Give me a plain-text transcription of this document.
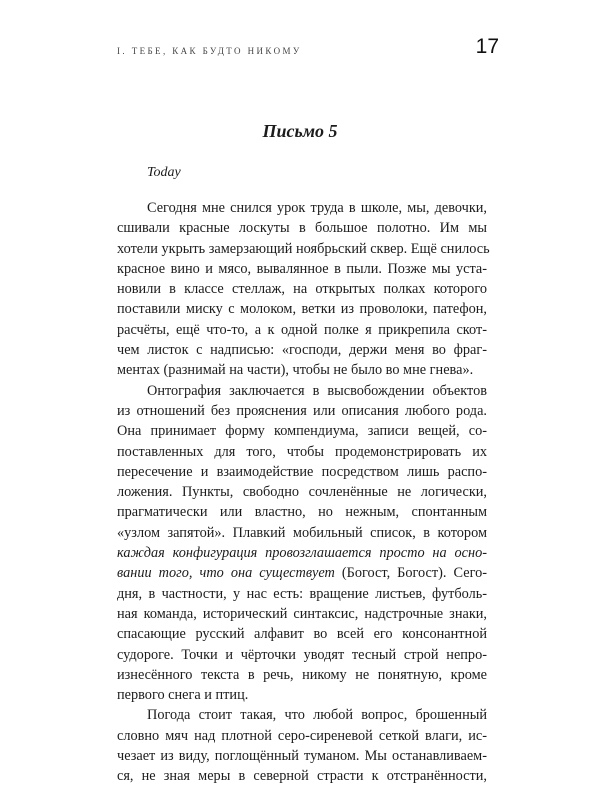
I. ТЕБЕ, КАК БУДТО НИКОМУ	17
Письмо 5
Today
Сегодня мне снился урок труда в школе, мы, девочки,
сшивали красные лоскуты в большое полотно. Им мы
хотели укрыть замерзающий ноябрьский сквер. Ещё снилось
красное вино и мясо, вывалянное в пыли. Позже мы уста-
новили в классе стеллаж, на открытых полках которого
поставили миску с молоком, ветки из проволоки, патефон,
расчёты, ещё что-то, а к одной полке я прикрепила скот-
чем листок с надписью: «господи, держи меня во фраг-
ментах (разнимай на части), чтобы не было во мне гнева».
Онтография заключается в высвобождении объектов
из отношений без прояснения или описания любого рода.
Она принимает форму компендиума, записи вещей, со-
поставленных для того, чтобы продемонстрировать их
пересечение и взаимодействие посредством лишь распо-
ложения. Пункты, свободно сочленённые не логически,
прагматически или властно, но нежным, спонтанным
«узлом запятой». Плавкий мобильный список, в котором
каждая конфигурация провозглашается просто на осно-
вании того, что она существует (Богост, Богост). Сего-
дня, в частности, у нас есть: вращение листьев, футболь-
ная команда, исторический синтаксис, надстрочные знаки,
спасающие русский алфавит во всей его консонантной
судороге. Точки и чёрточки уводят тесный строй непро-
изнесённого текста в речь, никому не понятную, кроме
первого снега и птиц.
Погода стоит такая, что любой вопрос, брошенный
словно мяч над плотной серо-сиреневой сеткой влаги, ис-
чезает из виду, поглощённый туманом. Мы останавливаем-
ся, не зная меры в северной страсти к отстранённости,
